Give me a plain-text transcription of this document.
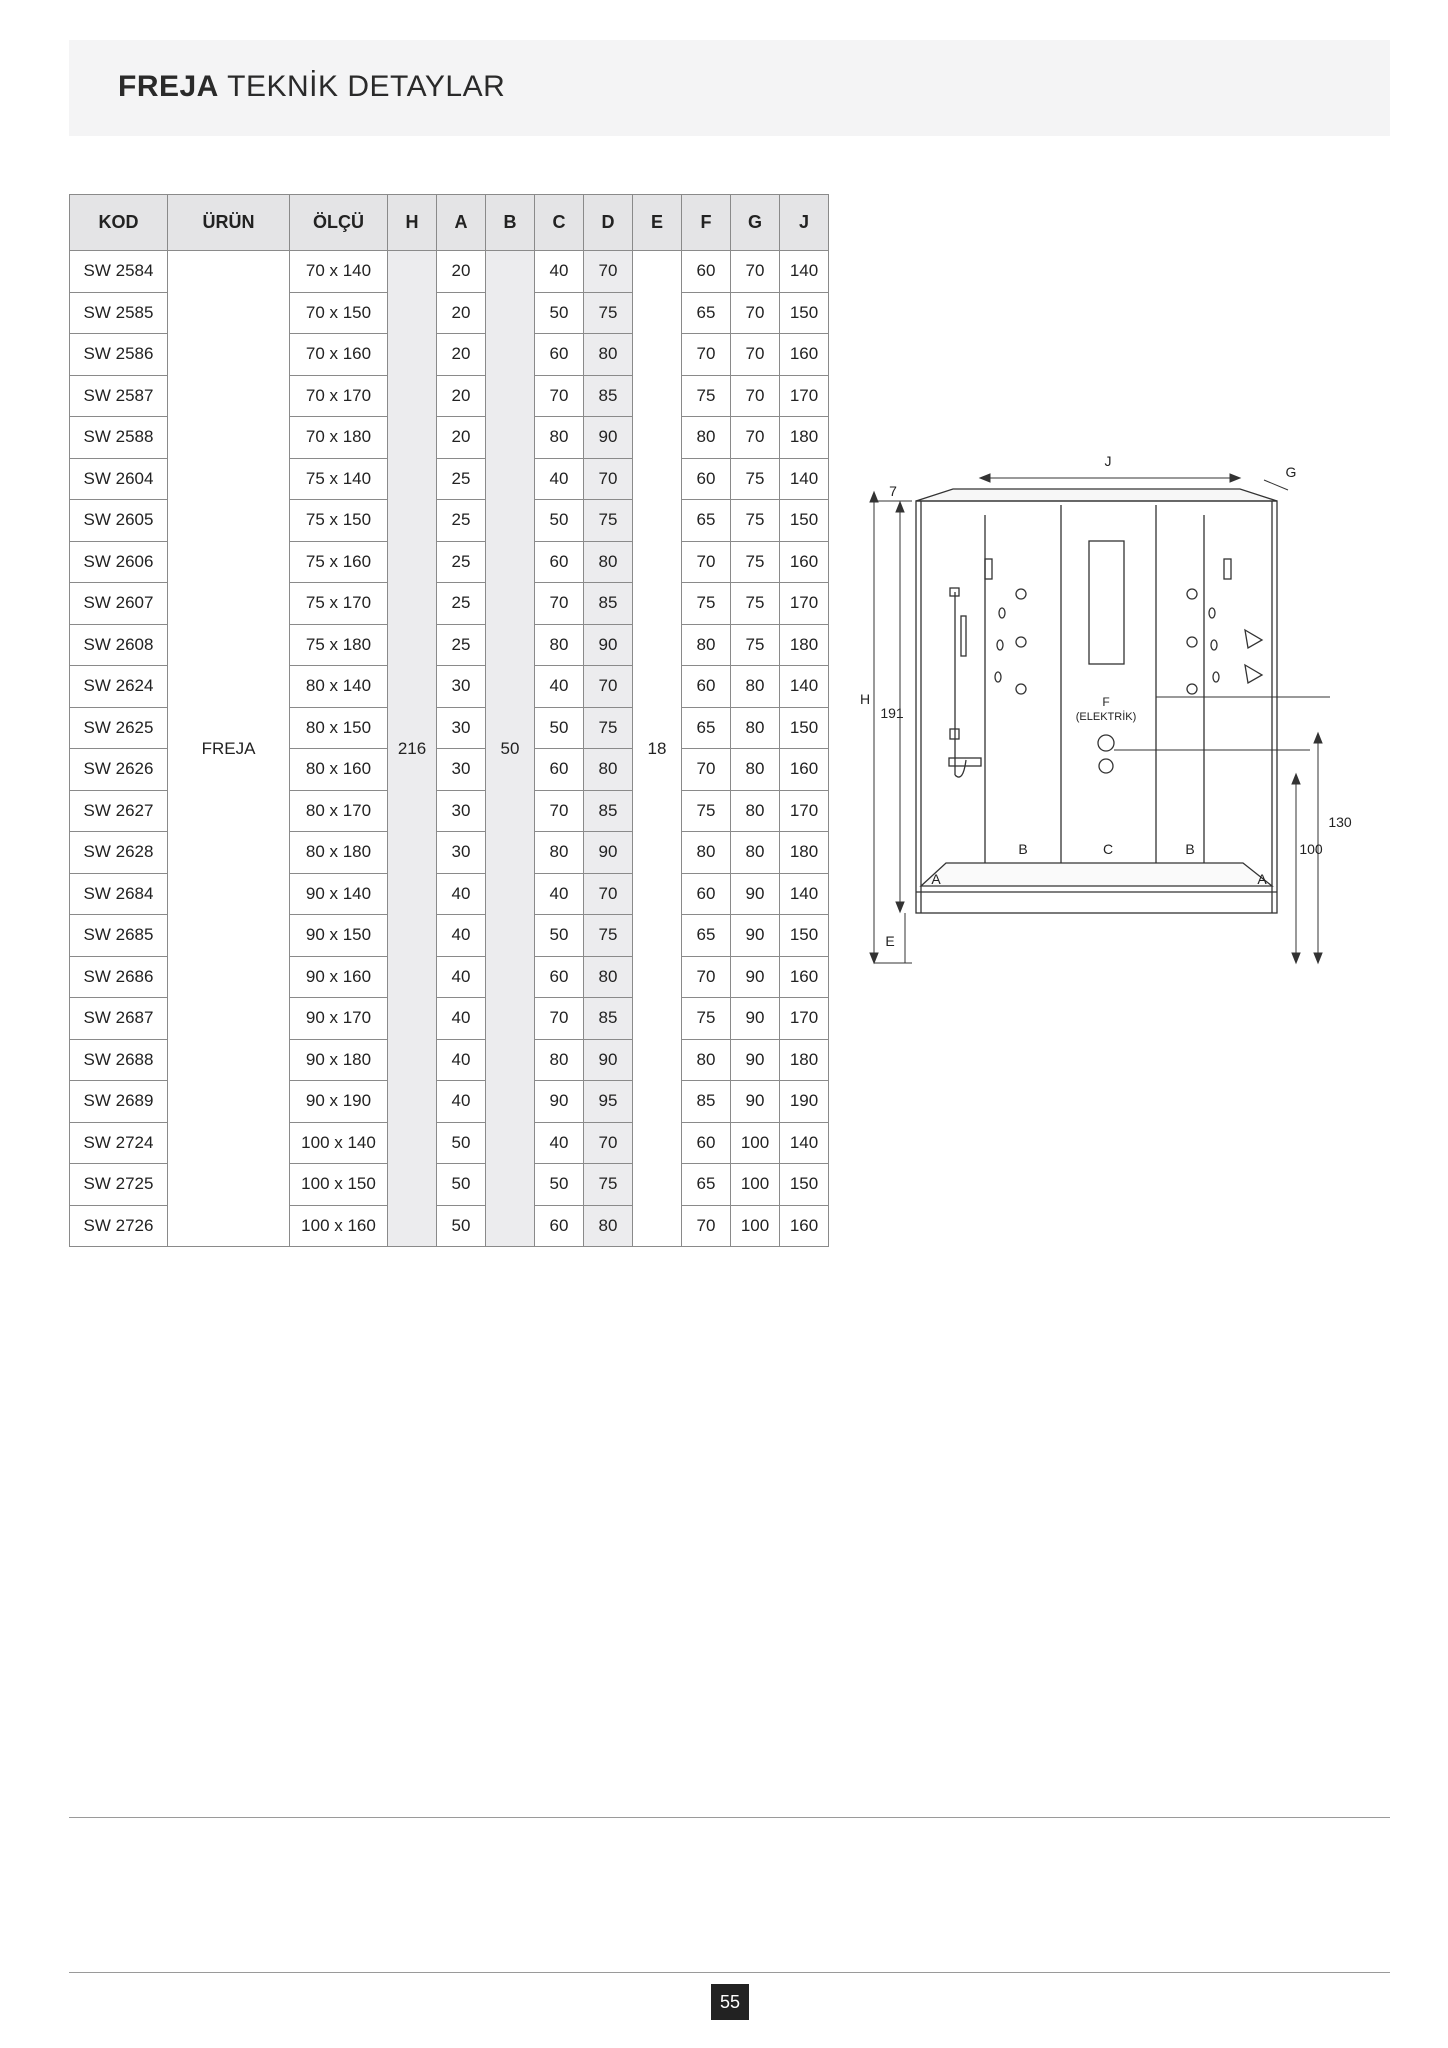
FREJA TEKNİK DETAYLAR
KOD	ÜRÜN	ÖLÇÜ	H	A	B	C	D	E	F	G	J
SW 2584	FREJA	70 x 140	216	20	50	40	70	18	60	70	140
SW 2585		70 x 150		20		50	75		65	70	150
SW 2586		70 x 160		20		60	80		70	70	160
SW 2587		70 x 170		20		70	85		75	70	170
SW 2588		70 x 180		20		80	90		80	70	180
SW 2604		75 x 140		25		40	70		60	75	140
SW 2605		75 x 150		25		50	75		65	75	150
SW 2606		75 x 160		25		60	80		70	75	160
SW 2607		75 x 170		25		70	85		75	75	170
SW 2608		75 x 180		25		80	90		80	75	180
SW 2624		80 x 140		30		40	70		60	80	140
SW 2625		80 x 150		30		50	75		65	80	150
SW 2626		80 x 160		30		60	80		70	80	160
SW 2627		80 x 170		30		70	85		75	80	170
SW 2628		80 x 180		30		80	90		80	80	180
SW 2684		90 x 140		40		40	70		60	90	140
SW 2685		90 x 150		40		50	75		65	90	150
SW 2686		90 x 160		40		60	80		70	90	160
SW 2687		90 x 170		40		70	85		75	90	170
SW 2688		90 x 180		40		80	90		80	90	180
SW 2689		90 x 190		40		90	95		85	90	190
SW 2724		100 x 140		50		40	70		60	100	140
SW 2725		100 x 150		50		50	75		65	100	150
SW 2726		100 x 160		50		60	80		70	100	160
J
G
7
H
191
F
(ELEKTRİK)
130
100
A
B	C	B
A
E
55
